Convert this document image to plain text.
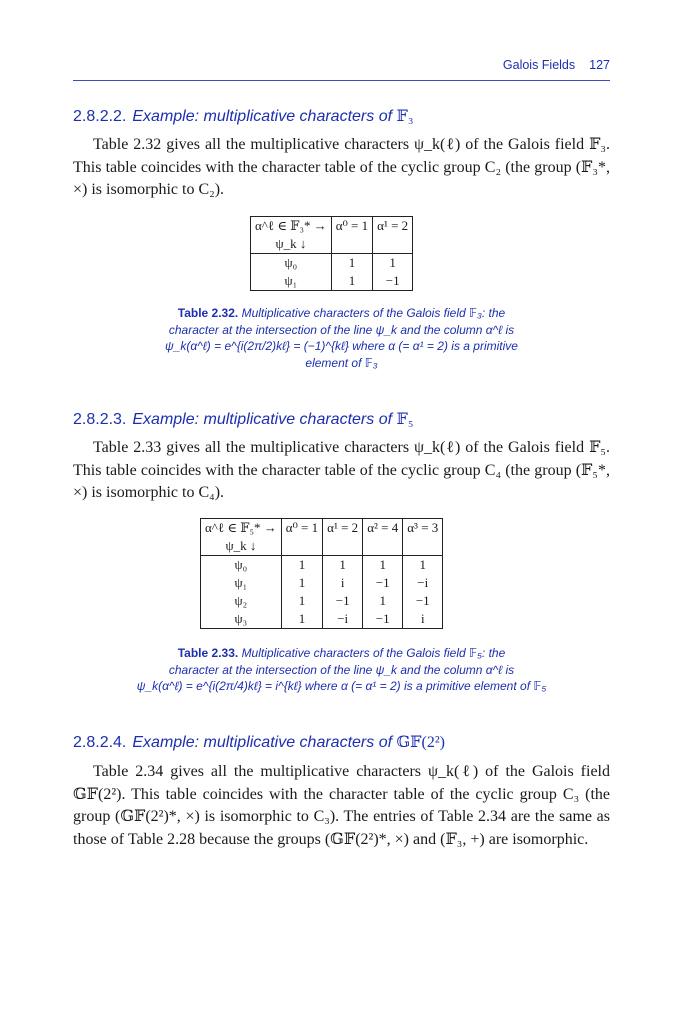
Galois Fields 127
2.8.2.2. Example: multiplicative characters of 𝔽₃
Table 2.32 gives all the multiplicative characters ψ_k(ℓ) of the Galois field 𝔽₃. This table coincides with the character table of the cyclic group C₂ (the group (𝔽₃*, ×) is isomorphic to C₂).
α^ℓ ∈ 𝔽₃* →	α⁰ = 1	α¹ = 2
ψ_k ↓		
ψ₀	1	1
ψ₁	1	−1
Table 2.32. Multiplicative characters of the Galois field 𝔽₃: the
character at the intersection of the line ψ_k and the column α^ℓ is
ψ_k(α^ℓ) = e^{i(2π/2)kℓ} = (−1)^{kℓ} where α (= α¹ = 2) is a primitive
element of 𝔽₃
2.8.2.3. Example: multiplicative characters of 𝔽₅
Table 2.33 gives all the multiplicative characters ψ_k(ℓ) of the Galois field 𝔽₅. This table coincides with the character table of the cyclic group C₄ (the group (𝔽₅*, ×) is isomorphic to C₄).
α^ℓ ∈ 𝔽₅* →	α⁰ = 1	α¹ = 2	α² = 4	α³ = 3
ψ_k ↓				
ψ₀	1	1	1	1
ψ₁	1	i	−1	−i
ψ₂	1	−1	1	−1
ψ₃	1	−i	−1	i
Table 2.33. Multiplicative characters of the Galois field 𝔽₅: the
character at the intersection of the line ψ_k and the column α^ℓ is
ψ_k(α^ℓ) = e^{i(2π/4)kℓ} = i^{kℓ} where α (= α¹ = 2) is a primitive element of 𝔽₅
2.8.2.4. Example: multiplicative characters of 𝔾𝔽(2²)
Table 2.34 gives all the multiplicative characters ψ_k(ℓ) of the Galois field 𝔾𝔽(2²). This table coincides with the character table of the cyclic group C₃ (the group (𝔾𝔽(2²)*, ×) is isomorphic to C₃). The entries of Table 2.34 are the same as those of Table 2.28 because the groups (𝔾𝔽(2²)*, ×) and (𝔽₃, +) are isomorphic.
